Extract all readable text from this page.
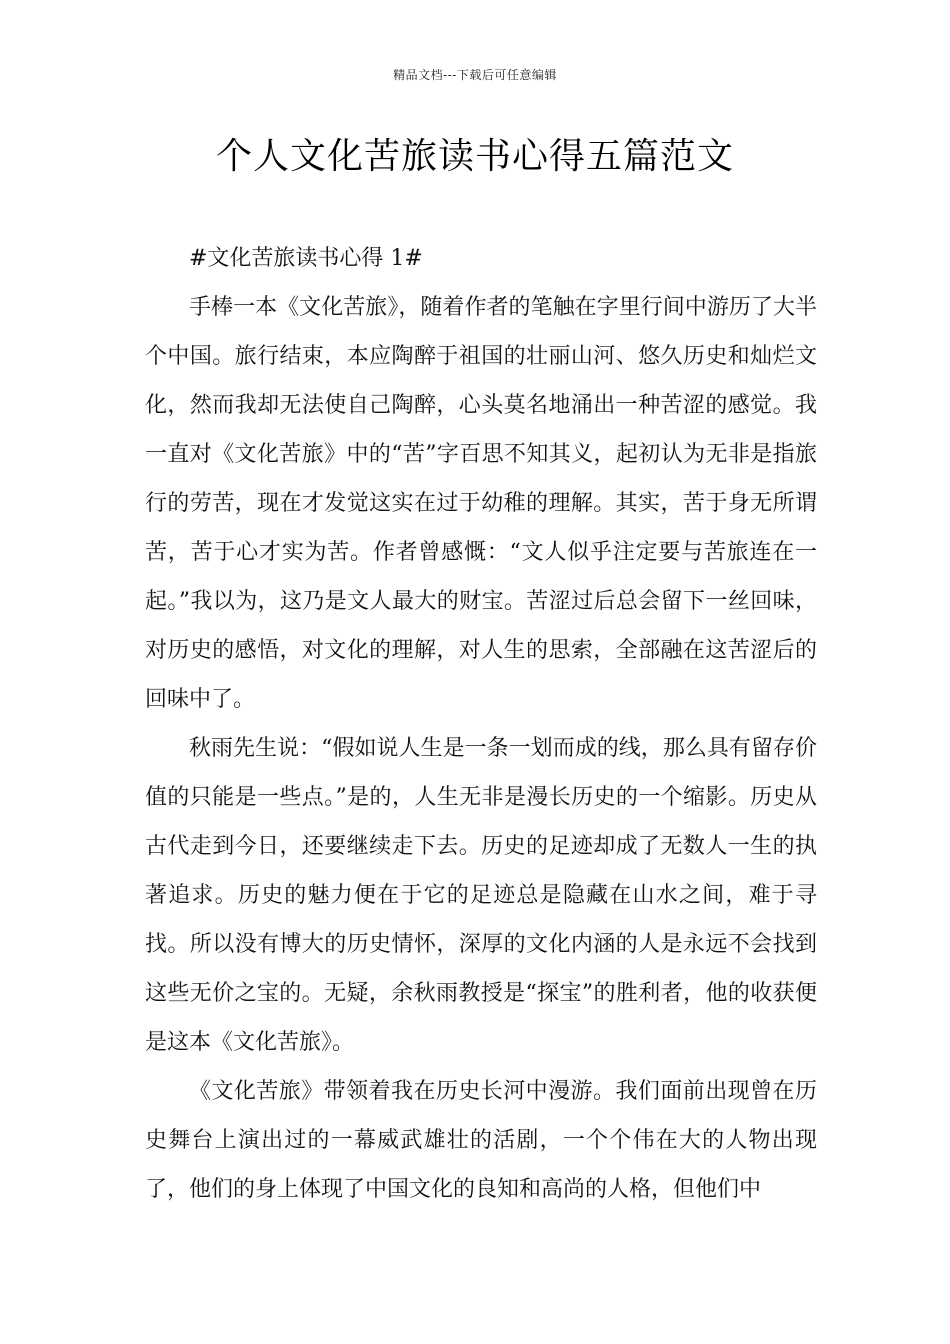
精品文档---下载后可任意编辑
个人文化苦旅读书心得五篇范文
#文化苦旅读书心得 1#

手棒一本《文化苦旅》，随着作者的笔触在字里行间中游历了大半个中国。旅行结束，本应陶醉于祖国的壮丽山河、悠久历史和灿烂文化，然而我却无法使自己陶醉，心头莫名地涌出一种苦涩的感觉。我一直对《文化苦旅》中的“苦”字百思不知其义，起初认为无非是指旅行的劳苦，现在才发觉这实在过于幼稚的理解。其实，苦于身无所谓苦，苦于心才实为苦。作者曾感慨：“文人似乎注定要与苦旅连在一起。”我以为，这乃是文人最大的财宝。苦涩过后总会留下一丝回味，对历史的感悟，对文化的理解，对人生的思索，全部融在这苦涩后的回味中了。

秋雨先生说：“假如说人生是一条一划而成的线，那么具有留存价值的只能是一些点。”是的，人生无非是漫长历史的一个缩影。历史从古代走到今日，还要继续走下去。历史的足迹却成了无数人一生的执著追求。历史的魅力便在于它的足迹总是隐藏在山水之间，难于寻找。所以没有博大的历史情怀，深厚的文化内涵的人是永远不会找到这些无价之宝的。无疑，余秋雨教授是“探宝”的胜利者，他的收获便是这本《文化苦旅》。

《文化苦旅》带领着我在历史长河中漫游。我们面前出现曾在历史舞台上演出过的一幕威武雄壮的活剧，一个个伟在大的人物出现了，他们的身上体现了中国文化的良知和高尚的人格，但他们中
